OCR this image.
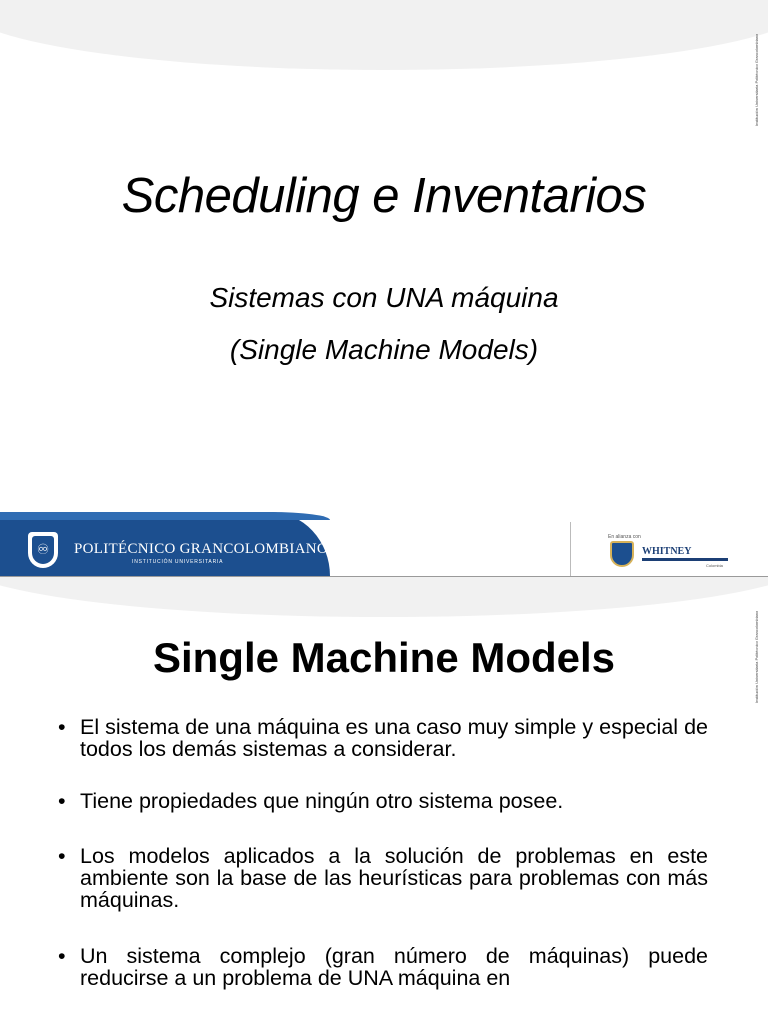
Institución Universitaria Politécnico Grancolombiano
Scheduling e Inventarios
Sistemas con UNA máquina
(Single Machine Models)
♾	POLITÉCNICO GRANCOLOMBIANO
INSTITUCIÓN UNIVERSITARIA
En alianza con
WHITNEY
Colombia
Institución Universitaria Politécnico Grancolombiano
Single Machine Models
• El sistema de una máquina es una caso muy simple y especial de todos los demás sistemas a considerar.
• Tiene propiedades que ningún otro sistema posee.
• Los modelos aplicados a la solución de problemas en este ambiente son la base de las heurísticas para problemas con más máquinas.
• Un sistema complejo (gran número de máquinas) puede reducirse a un problema de UNA máquina en
